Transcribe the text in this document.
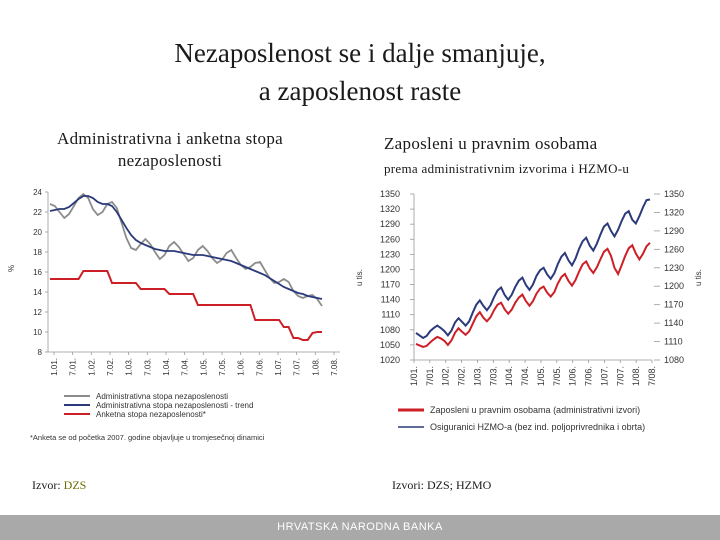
Nezaposlenost se i dalje smanjuje,
a zaposlenost raste
Administrativna i anketna stopa
nezaposlenosti
Zaposleni u pravnim osobama
prema administrativnim izvorima i HZMO-u
8
10
12
14
16
18
20
22
24
%
1.01. 7.01. 1.02. 7.02. 1.03. 7.03. 1.04. 7.04. 1.05. 7.05. 1.06. 7.06. 1.07. 7.07. 1.08. 7.08.
Administrativna stopa nezaposlenosti
Administrativna stopa nezaposlenosti - trend
Anketna stopa nezaposlenosti*
*Anketa se od početka 2007. godine objavljuje u tromjesečnoj dinamici
1020
1050
1080
1110
1140
1170
1200
1230
1260
1290
1320
1350
1080
1110
1140
1170
1200
1230
1260
1290
1320
1350
u tis.	u tis.
1/01. 7/01. 1/02. 7/02. 1/03. 7/03. 1/04. 7/04. 1/05. 7/05. 1/06. 7/06. 1/07. 7/07. 1/08. 7/08.
Zaposleni u pravnim osobama (administrativni izvori)
Osiguranici HZMO-a (bez ind. poljoprivrednika i obrta)
Izvor: DZS	Izvori: DZS; HZMO
HRVATSKA NARODNA BANKA
